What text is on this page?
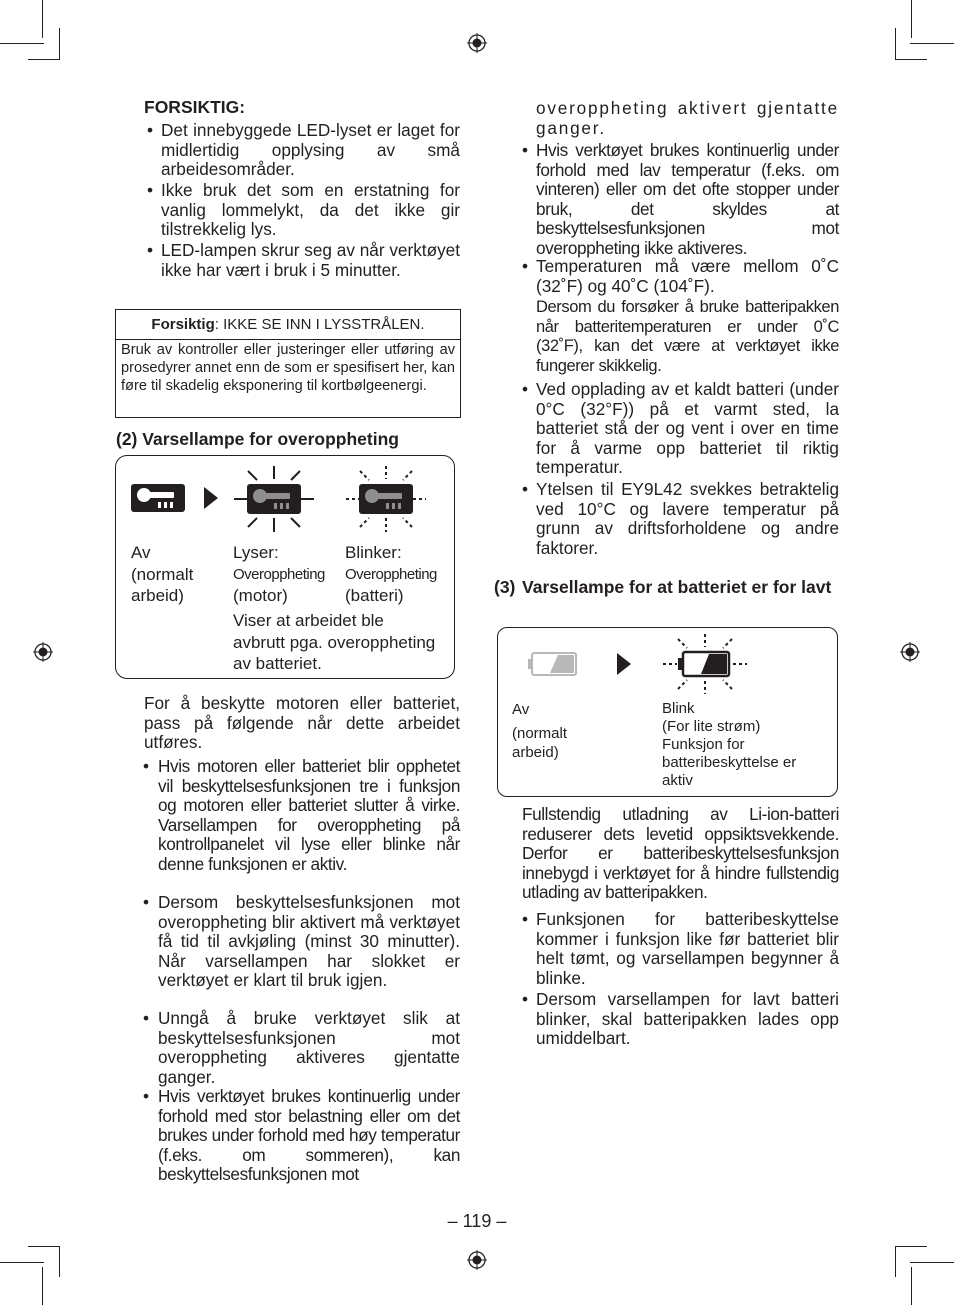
FORSIKTIG:
• Det innebyggede LED-lyset er laget for midlertidig opplysing av små arbeidesområder.

• Ikke bruk det som en erstatning for vanlig lommelykt, da det ikke gir tilstrekkelig lys.

• LED-lampen skrur seg av når verktøyet ikke har vært i bruk i 5 minutter.

Forsiktig: IKKE SE INN I LYSSTRÅLEN.
Bruk av kontroller eller justeringer eller utføring av prosedyrer annet enn de som er spesifisert her, kan føre til skadelig eksponering til kortbølgeenergi.
(2) Varsellampe for overoppheting
Av
(normalt
arbeid)
Lyser:
Overoppheting
(motor)
Blinker:
Overoppheting
(batteri)
Viser at arbeidet ble
avbrutt pga. overoppheting
av batteriet.

For å beskytte motoren eller batteriet, pass på følgende når dette arbeidet utføres.

• Hvis motoren eller batteriet blir opphetet vil beskyttelsesfunksjonen tre i funksjon og motoren eller batteriet slutter å virke. Varsellampen for overoppheting på kontrollpanelet vil lyse eller blinke når denne funksjonen er aktiv.

• Dersom beskyttelsesfunksjonen mot overoppheting blir aktivert må verktøyet få tid til avkjøling (minst 30 minutter). Når varsellampen har slokket er verktøyet er klart til bruk igjen.

• Unngå å bruke verktøyet slik at beskyttelsesfunksjonen mot overoppheting aktiveres gjentatte ganger.

• Hvis verktøyet brukes kontinuerlig under forhold med stor belastning eller om det brukes under forhold med høy temperatur (f.eks. om sommeren), kan beskyttelsesfunksjonen mot

overoppheting aktivert gjentatte ganger.

• Hvis verktøyet brukes kontinuerlig under forhold med lav temperatur (f.eks. om vinteren) eller om det ofte stopper under bruk, det skyldes at beskyttelsesfunksjonen mot overoppheting ikke aktiveres.

• Temperaturen må være mellom 0˚C (32˚F) og 40˚C (104˚F).

Dersom du forsøker å bruke batteripakken når batteritemperaturen er under 0˚C (32˚F), kan det være at verktøyet ikke fungerer skikkelig.

• Ved opplading av et kaldt batteri (under 0°C (32°F)) på et varmt sted, la batteriet stå der og vent i over en time for å varme opp batteriet til riktig temperatur.

• Ytelsen til EY9L42 svekkes betraktelig ved 10°C og lavere temperatur på grunn av driftsforholdene og andre faktorer.

(3) Varsellampe for at batteriet er for lavt
Av
(normalt
arbeid)
Blink
(For lite strøm)
Funksjon for
batteribeskyttelse er
aktiv

Fullstendig utladning av Li-ion-batteri reduserer dets levetid oppsiktsvekkende. Derfor er batteribeskyttelsesfunksjon innebygd i verktøyet for å hindre fullstendig utlading av batteripakken.

• Funksjonen for batteribeskyttelse kommer i funksjon like før batteriet blir helt tømt, og varsellampen begynner å blinke.

• Dersom varsellampen for lavt batteri blinker, skal batteripakken lades opp umiddelbart.

– 119 –
